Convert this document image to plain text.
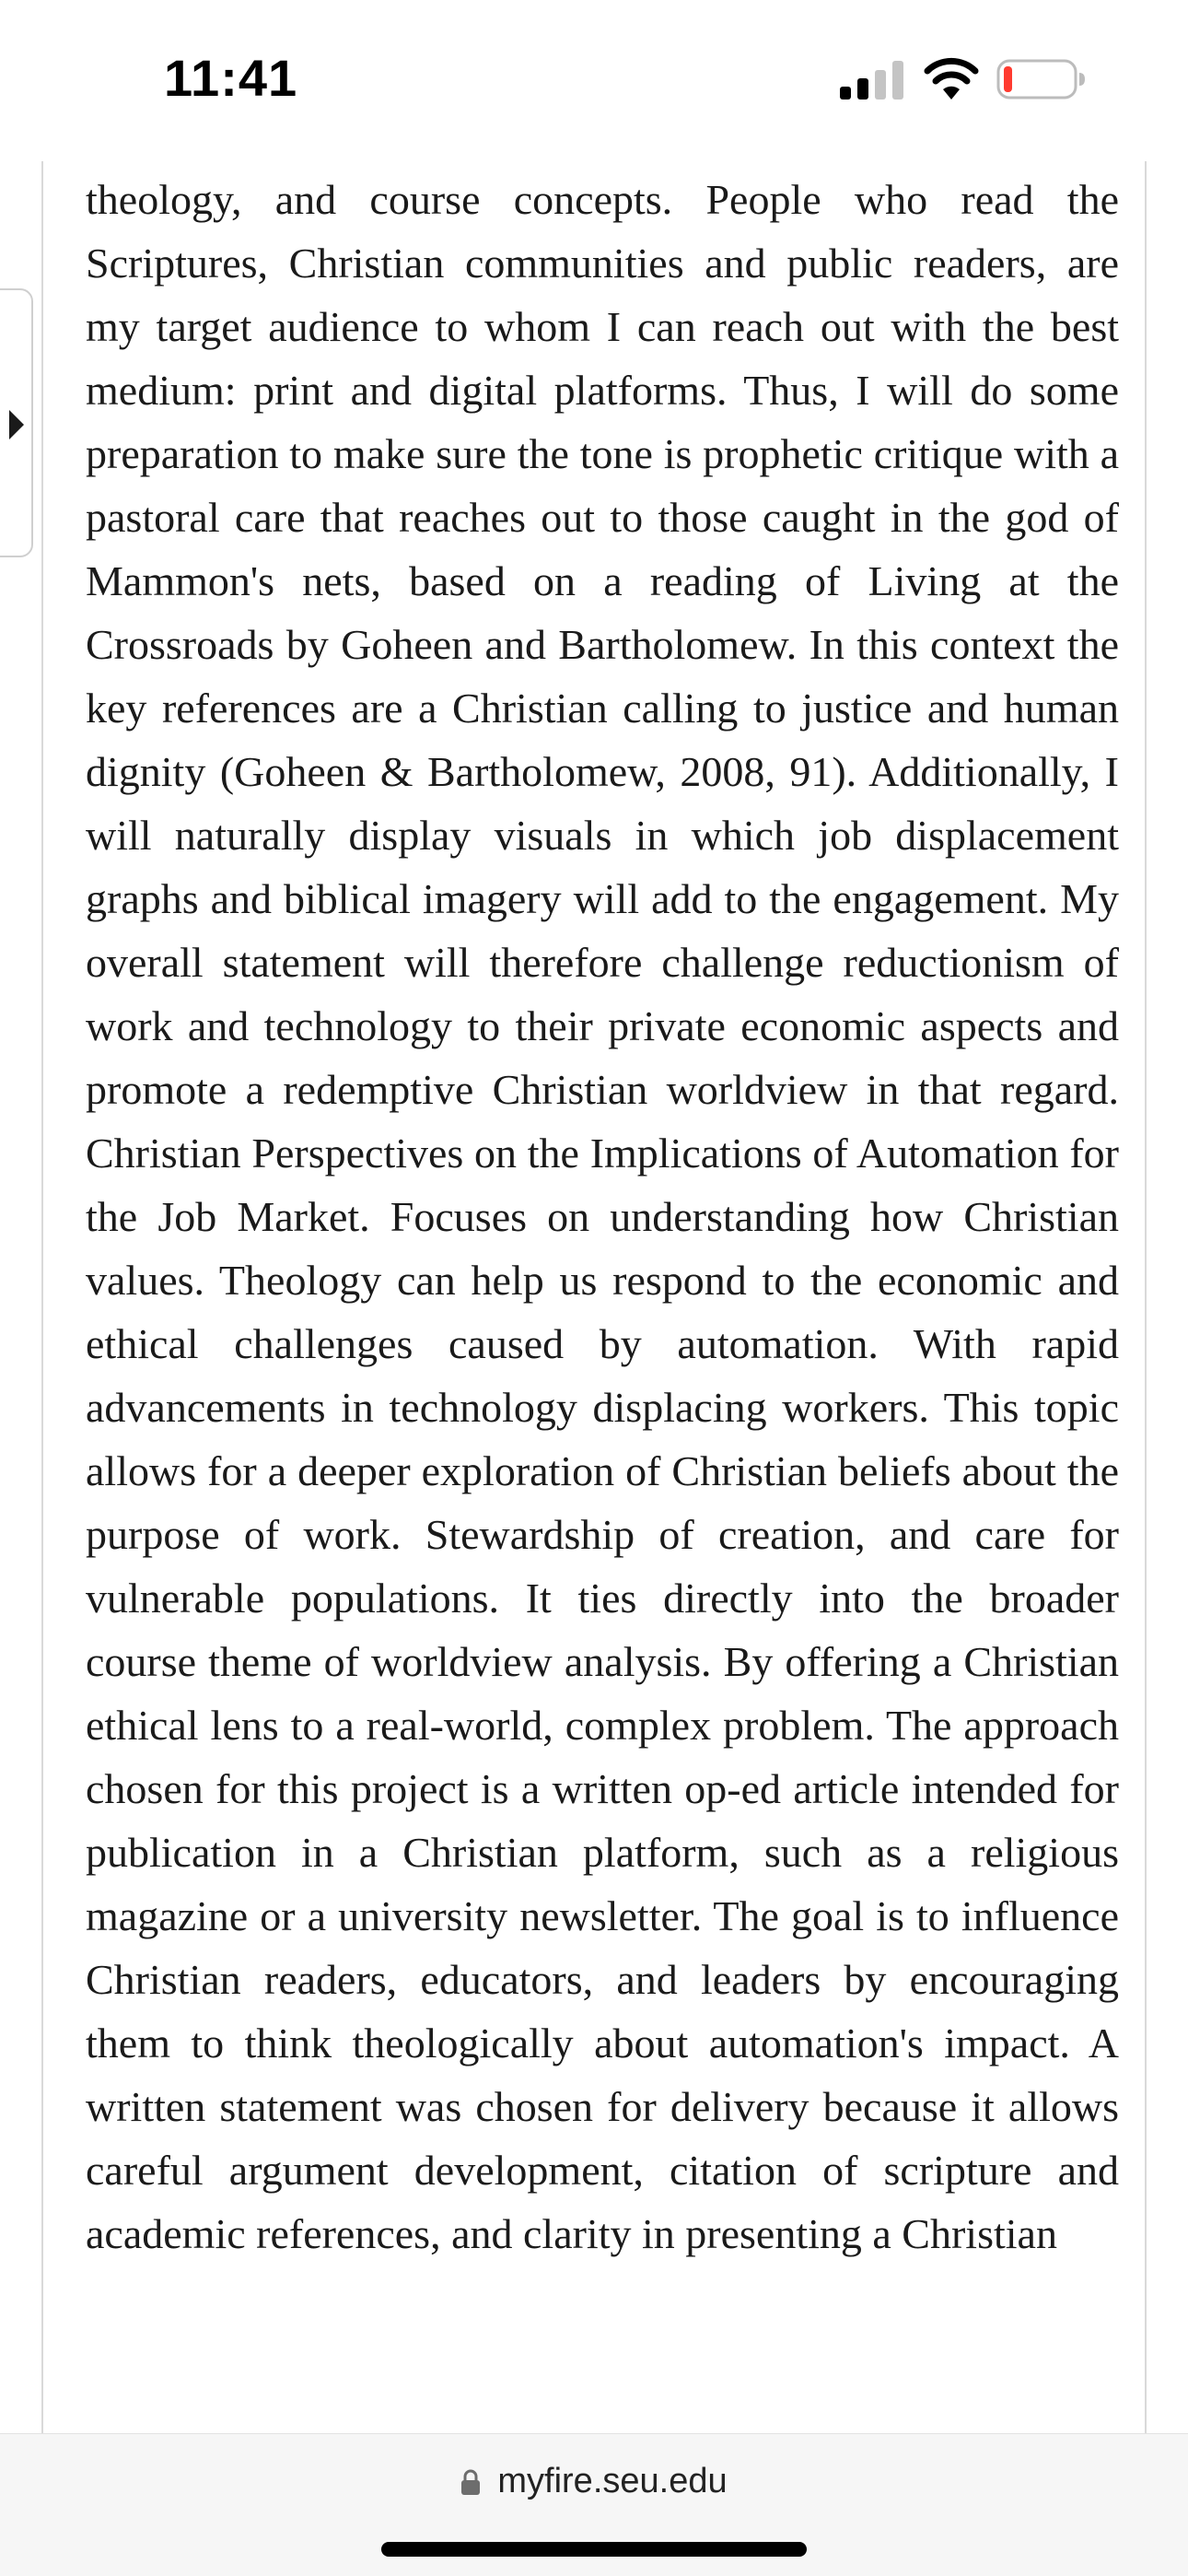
11:41

theology, and course concepts. People who read the Scriptures, Christian communities and public readers, are my target audience to whom I can reach out with the best medium: print and digital platforms. Thus, I will do some preparation to make sure the tone is prophetic critique with a pastoral care that reaches out to those caught in the god of Mammon's nets, based on a reading of Living at the Crossroads by Goheen and Bartholomew. In this context the key references are a Christian calling to justice and human dignity (Goheen & Bartholomew, 2008, 91). Additionally, I will naturally display visuals in which job displacement graphs and biblical imagery will add to the engagement. My overall statement will therefore challenge reductionism of work and technology to their private economic aspects and promote a redemptive Christian worldview in that regard. Christian Perspectives on the Implications of Automation for the Job Market. Focuses on understanding how Christian values. Theology can help us respond to the economic and ethical challenges caused by automation. With rapid advancements in technology displacing workers. This topic allows for a deeper exploration of Christian beliefs about the purpose of work. Stewardship of creation, and care for vulnerable populations. It ties directly into the broader course theme of worldview analysis. By offering a Christian ethical lens to a real-world, complex problem. The approach chosen for this project is a written op-ed article intended for publication in a Christian platform, such as a religious magazine or a university newsletter. The goal is to influence Christian readers, educators, and leaders by encouraging them to think theologically about automation's impact. A written statement was chosen for delivery because it allows careful argument development, citation of scripture and academic references, and clarity in presenting a Christian

myfire.seu.edu
